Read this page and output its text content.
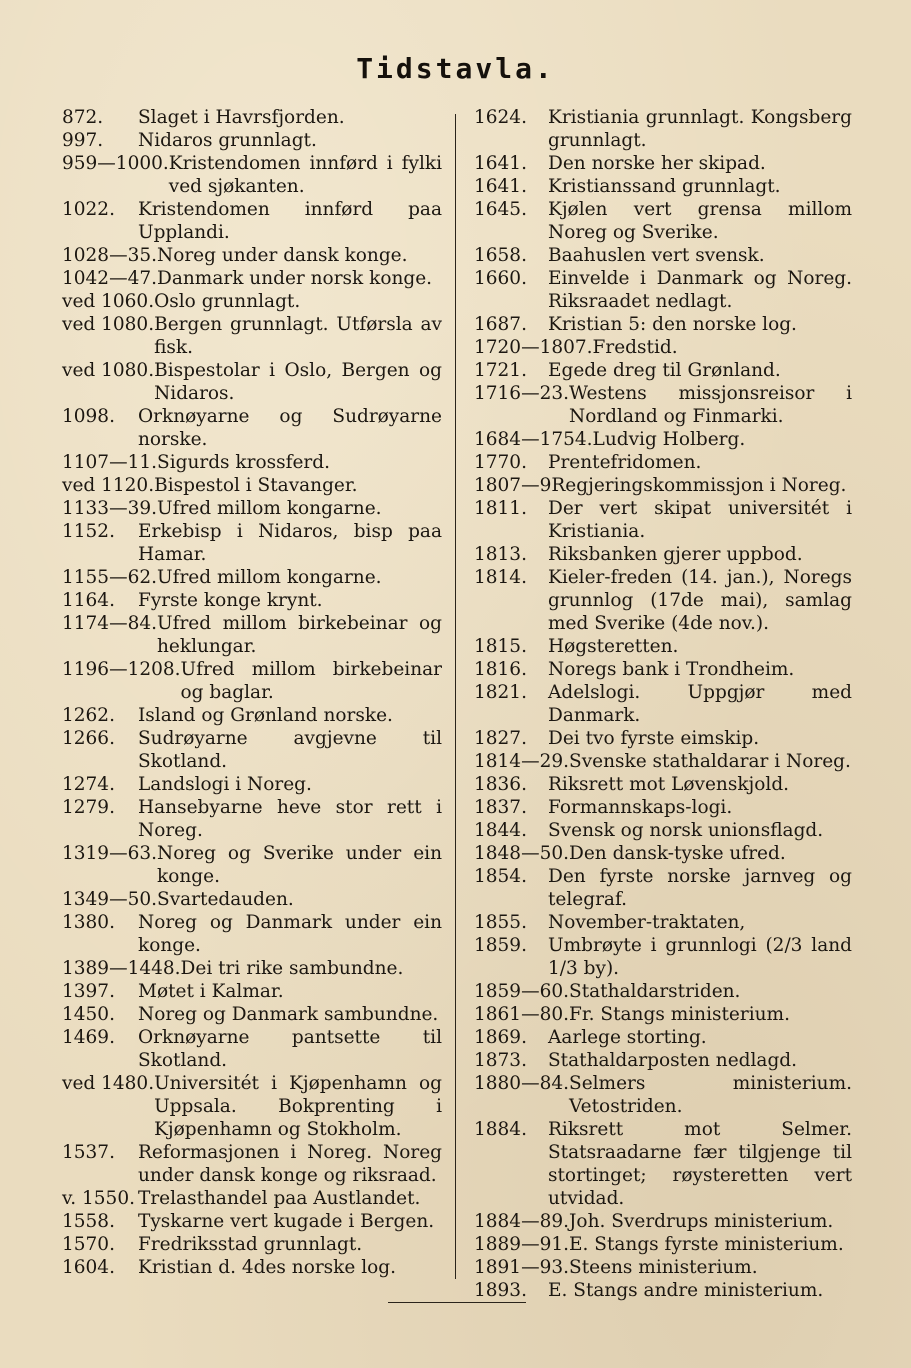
Tidstavla.
872.	Slaget i Havrsfjorden.
997.	Nidaros grunnlagt.
959—1000. Kristendomen innførd i fylki ved sjøkanten.
1022.	Kristendomen innførd paa Upplandi.
1028—35. Noreg under dansk konge.
1042—47. Danmark under norsk konge.
ved 1060. Oslo grunnlagt.
ved 1080. Bergen grunnlagt. Utførsla av fisk.
ved 1080. Bispestolar i Oslo, Bergen og Nidaros.
1098.	Orknøyarne og Sudrøyarne norske.
1107—11. Sigurds krossferd.
ved 1120. Bispestol i Stavanger.
1133—39. Ufred millom kongarne.
1152.	Erkebisp i Nidaros, bisp paa Hamar.
1155—62. Ufred millom kongarne.
1164.	Fyrste konge krynt.
1174—84. Ufred millom birkebeinar og heklungar.
1196—1208. Ufred millom birkebeinar og baglar.
1262.	Island og Grønland norske.
1266.	Sudrøyarne avgjevne til Skotland.
1274.	Landslogi i Noreg.
1279.	Hansebyarne heve stor rett i Noreg.
1319—63. Noreg og Sverike under ein konge.
1349—50. Svartedauden.
1380.	Noreg og Danmark under ein konge.
1389—1448. Dei tri rike sambundne.
1397.	Møtet i Kalmar.
1450.	Noreg og Danmark sambundne.
1469.	Orknøyarne pantsette til Skotland.
ved 1480. Universitét i Kjøpenhamn og Uppsala. Bokprenting i Kjøpenhamn og Stokholm.
1537.	Reformasjonen i Noreg. Noreg under dansk konge og riksraad.
v. 1550. Trelasthandel paa Austlandet.
1558.	Tyskarne vert kugade i Bergen.
1570.	Fredriksstad grunnlagt.
1604.	Kristian d. 4des norske log.
1624.	Kristiania grunnlagt. Kongsberg grunnlagt.
1641.	Den norske her skipad.
1641.	Kristianssand grunnlagt.
1645.	Kjølen vert grensa millom Noreg og Sverike.
1658.	Baahuslen vert svensk.
1660.	Einvelde i Danmark og Noreg. Riksraadet nedlagt.
1687.	Kristian 5: den norske log.
1720—1807. Fredstid.
1721.	Egede dreg til Grønland.
1716—23. Westens missjonsreisor i Nordland og Finmarki.
1684—1754. Ludvig Holberg.
1770.	Prentefridomen.
1807—9 Regjeringskommissjon i Noreg.
1811.	Der vert skipat universitét i Kristiania.
1813.	Riksbanken gjerer uppbod.
1814.	Kieler-freden (14. jan.), Noregs grunnlog (17de mai), samlag med Sverike (4de nov.).
1815.	Høgsteretten.
1816.	Noregs bank i Trondheim.
1821.	Adelslogi. Uppgjør med Danmark.
1827.	Dei tvo fyrste eimskip.
1814—29. Svenske stathaldarar i Noreg.
1836.	Riksrett mot Løvenskjold.
1837.	Formannskaps-logi.
1844.	Svensk og norsk unionsflagd.
1848—50. Den dansk-tyske ufred.
1854.	Den fyrste norske jarnveg og telegraf.
1855.	November-traktaten,
1859.	Umbrøyte i grunnlogi (2/3 land 1/3 by).
1859—60. Stathaldarstriden.
1861—80. Fr. Stangs ministerium.
1869.	Aarlege storting.
1873.	Stathaldarposten nedlagd.
1880—84. Selmers ministerium. Vetostriden.
1884.	Riksrett mot Selmer. Statsraadarne fær tilgjenge til stortinget; røysteretten vert utvidad.
1884—89. Joh. Sverdrups ministerium.
1889—91. E. Stangs fyrste ministerium.
1891—93. Steens ministerium.
1893.	E. Stangs andre ministerium.
